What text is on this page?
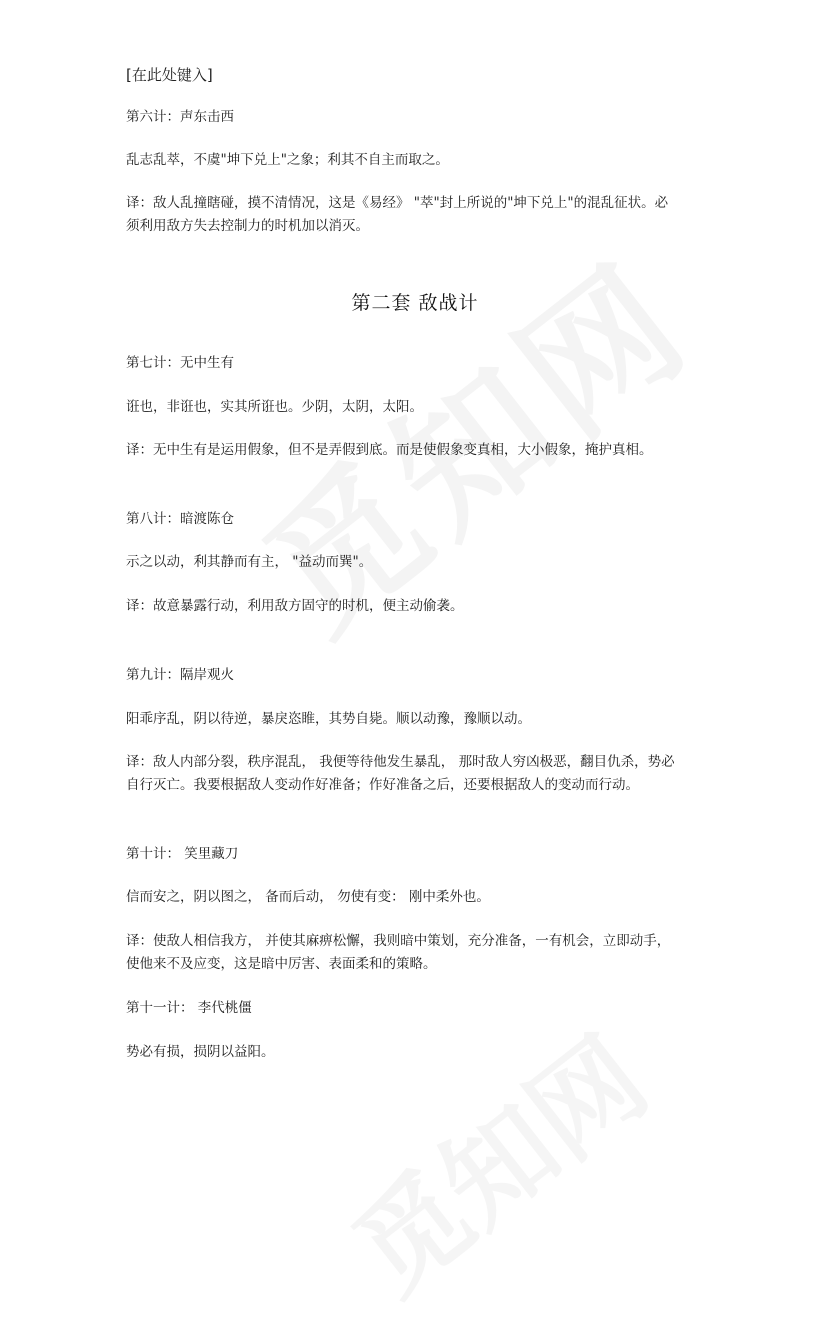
[在此处键入]
第六计：声东击西
乱志乱萃，不虞"坤下兑上"之象；利其不自主而取之。
译：敌人乱撞瞎碰，摸不清情况，这是《易经》 "萃"封上所说的"坤下兑上"的混乱征状。必
须利用敌方失去控制力的时机加以消灭。
第二套 敌战计
第七计：无中生有
诳也，非诳也，实其所诳也。少阴，太阴，太阳。
译：无中生有是运用假象，但不是弄假到底。而是使假象变真相，大小假象，掩护真相。
第八计：暗渡陈仓
示之以动，利其静而有主， "益动而巽"。
译：故意暴露行动，利用敌方固守的时机，便主动偷袭。
第九计：隔岸观火
阳乖序乱，阴以待逆，暴戾恣睢，其势自毙。顺以动豫，豫顺以动。
译：敌人内部分裂，秩序混乱， 我便等待他发生暴乱， 那时敌人穷凶极恶，翻目仇杀，势必
自行灭亡。我要根据敌人变动作好准备；作好准备之后，还要根据敌人的变动而行动。
第十计： 笑里藏刀
信而安之，阴以图之， 备而后动， 勿使有变： 刚中柔外也。
译：使敌人相信我方， 并使其麻痹松懈，我则暗中策划，充分准备，一有机会，立即动手，
使他来不及应变，这是暗中厉害、表面柔和的策略。
第十一计： 李代桃僵
势必有损，损阴以益阳。
